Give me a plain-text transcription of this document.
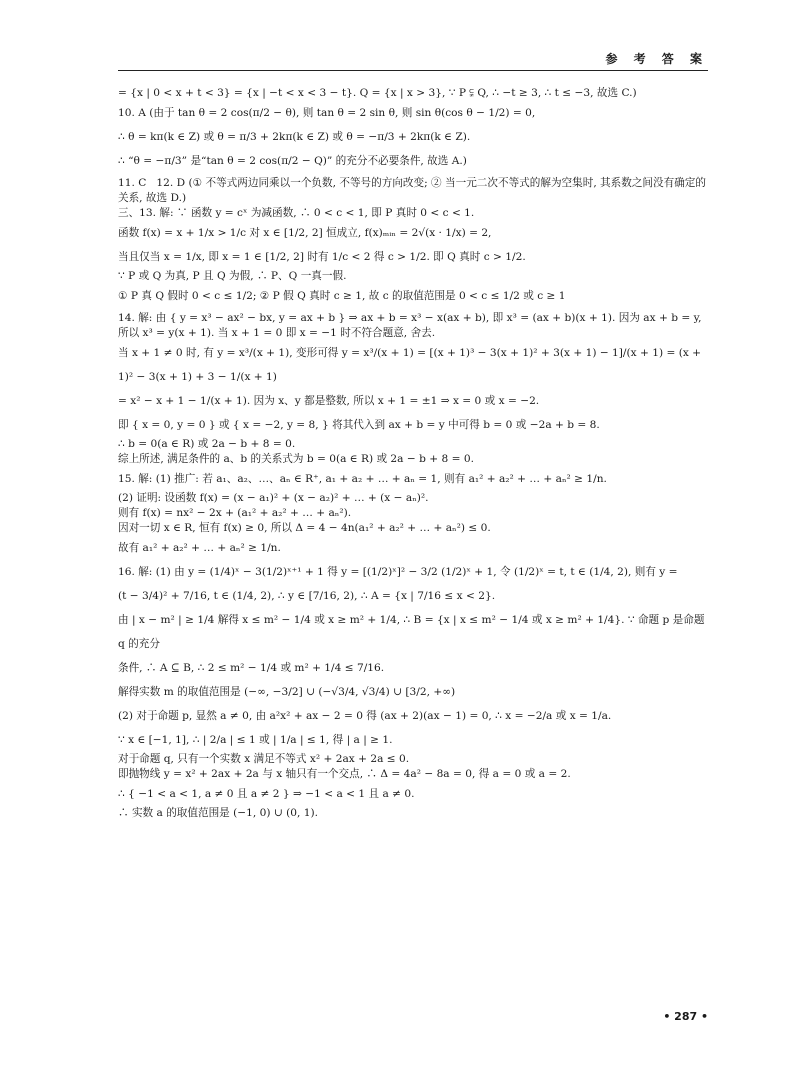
参 考 答 案

= {x | 0 < x + t < 3} = {x | −t < x < 3 − t}. Q = {x | x > 3}, ∵ P ⫋ Q, ∴ −t ≥ 3, ∴ t ≤ −3, 故选 C.)

10. A (由于 tan θ = 2 cos(π/2 − θ), 则 tan θ = 2 sin θ, 则 sin θ(cos θ − 1/2) = 0,

∴ θ = kπ(k ∈ Z) 或 θ = π/3 + 2kπ(k ∈ Z) 或 θ = −π/3 + 2kπ(k ∈ Z).

∴ “θ = −π/3” 是“tan θ = 2 cos(π/2 − Q)” 的充分不必要条件, 故选 A.)

11. C   12. D (① 不等式两边同乘以一个负数, 不等号的方向改变; ② 当一元二次不等式的解为空集时, 其系数之间没有确定的关系, 故选 D.)

三、13. 解: ∵ 函数 y = cˣ 为减函数, ∴ 0 < c < 1, 即 P 真时 0 < c < 1.

函数 f(x) = x + 1/x > 1/c 对 x ∈ [1/2, 2] 恒成立, f(x)ₘᵢₙ = 2√(x · 1/x) = 2,

当且仅当 x = 1/x, 即 x = 1 ∈ [1/2, 2] 时有 1/c < 2 得 c > 1/2. 即 Q 真时 c > 1/2.

∵ P 或 Q 为真, P 且 Q 为假, ∴ P、Q 一真一假.

① P 真 Q 假时 0 < c ≤ 1/2; ② P 假 Q 真时 c ≥ 1, 故 c 的取值范围是 0 < c ≤ 1/2 或 c ≥ 1

14. 解: 由 { y = x³ − ax² − bx, y = ax + b } ⇒ ax + b = x³ − x(ax + b), 即 x³ = (ax + b)(x + 1). 因为 ax + b = y, 所以 x³ = y(x + 1). 当 x + 1 = 0 即 x = −1 时不符合题意, 舍去.

当 x + 1 ≠ 0 时, 有 y = x³/(x + 1), 变形可得 y = x³/(x + 1) = [(x + 1)³ − 3(x + 1)² + 3(x + 1) − 1]/(x + 1) = (x + 1)² − 3(x + 1) + 3 − 1/(x + 1)

= x² − x + 1 − 1/(x + 1). 因为 x、y 都是整数, 所以 x + 1 = ±1 ⇒ x = 0 或 x = −2.

即 { x = 0, y = 0 } 或 { x = −2, y = 8, } 将其代入到 ax + b = y 中可得 b = 0 或 −2a + b = 8.

∴ b = 0(a ∈ R) 或 2a − b + 8 = 0.

综上所述, 满足条件的 a、b 的关系式为 b = 0(a ∈ R) 或 2a − b + 8 = 0.

15. 解: (1) 推广: 若 a₁、a₂、…、aₙ ∈ R⁺, a₁ + a₂ + … + aₙ = 1, 则有 a₁² + a₂² + … + aₙ² ≥ 1/n.

(2) 证明: 设函数 f(x) = (x − a₁)² + (x − a₂)² + … + (x − aₙ)².

则有 f(x) = nx² − 2x + (a₁² + a₂² + … + aₙ²).

因对一切 x ∈ R, 恒有 f(x) ≥ 0, 所以 Δ = 4 − 4n(a₁² + a₂² + … + aₙ²) ≤ 0.

故有 a₁² + a₂² + … + aₙ² ≥ 1/n.

16. 解: (1) 由 y = (1/4)ˣ − 3(1/2)ˣ⁺¹ + 1 得 y = [(1/2)ˣ]² − 3/2 (1/2)ˣ + 1, 令 (1/2)ˣ = t, t ∈ (1/4, 2), 则有 y =

(t − 3/4)² + 7/16, t ∈ (1/4, 2), ∴ y ∈ [7/16, 2), ∴ A = {x | 7/16 ≤ x < 2}.

由 | x − m² | ≥ 1/4 解得 x ≤ m² − 1/4 或 x ≥ m² + 1/4, ∴ B = {x | x ≤ m² − 1/4 或 x ≥ m² + 1/4}. ∵ 命题 p 是命题 q 的充分

条件, ∴ A ⊆ B, ∴ 2 ≤ m² − 1/4 或 m² + 1/4 ≤ 7/16.

解得实数 m 的取值范围是 (−∞, −3/2] ∪ (−√3/4, √3/4) ∪ [3/2, +∞)

(2) 对于命题 p, 显然 a ≠ 0, 由 a²x² + ax − 2 = 0 得 (ax + 2)(ax − 1) = 0, ∴ x = −2/a 或 x = 1/a.

∵ x ∈ [−1, 1], ∴ | 2/a | ≤ 1 或 | 1/a | ≤ 1, 得 | a | ≥ 1.

对于命题 q, 只有一个实数 x 满足不等式 x² + 2ax + 2a ≤ 0.

即抛物线 y = x² + 2ax + 2a 与 x 轴只有一个交点, ∴ Δ = 4a² − 8a = 0, 得 a = 0 或 a = 2.

∴ { −1 < a < 1, a ≠ 0 且 a ≠ 2 } ⇒ −1 < a < 1 且 a ≠ 0.

∴ 实数 a 的取值范围是 (−1, 0) ∪ (0, 1).

• 287 •
